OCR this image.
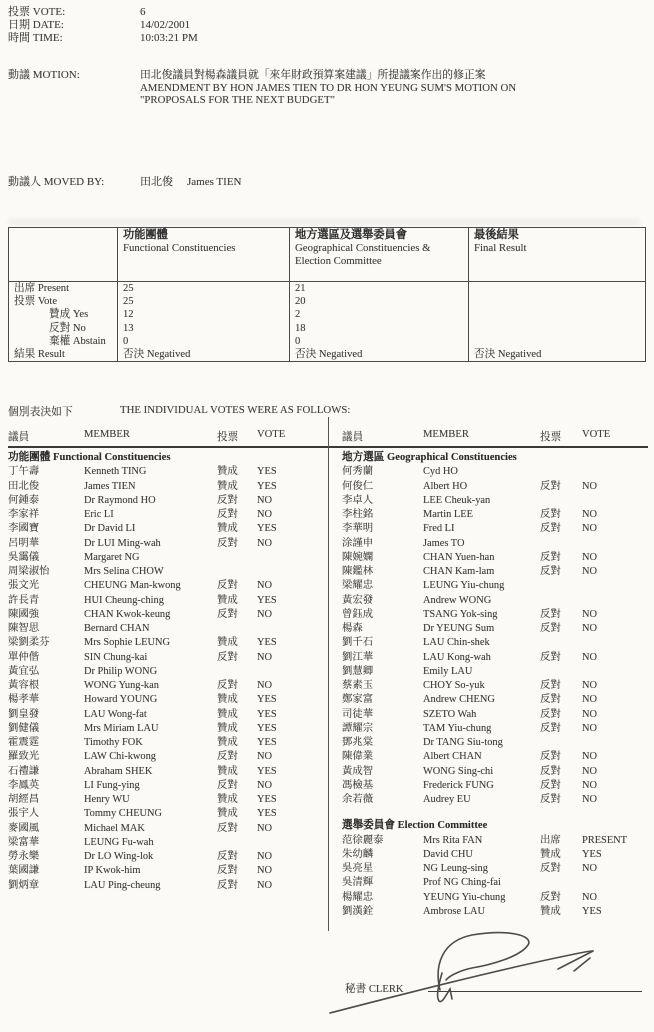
投票 VOTE:	6
日期 DATE:	14/02/2001
時間 TIME:	10:03:21 PM
動議 MOTION:	田北俊議員對楊森議員就「來年財政預算案建議」所提議案作出的修正案
AMENDMENT BY HON JAMES TIEN TO DR HON YEUNG SUM'S MOTION ON
"PROPOSALS FOR THE NEXT BUDGET"
動議人 MOVED BY:	田北俊 James TIEN

功能團體
Functional Constituencies

地方選區及選舉委員會
Geographical Constituencies & Election Committee

最後結果
Final Result

出席 Present	25	21	
投票 Vote	25	20	
贊成 Yes	12	2	
反對 No	13	18	
棄權 Abstain	0	0	
結果 Result	否決 Negatived	否決 Negatived	否決 Negatived
個別表決如下	THE INDIVIDUAL VOTES WERE AS FOLLOWS:
議員	MEMBER	投票 VOTE	議員	MEMBER	投票 VOTE
功能團體 Functional Constituencies
丁午壽	Kenneth TING	贊成	YES
田北俊	James TIEN	贊成	YES
何鍾泰	Dr Raymond HO	反對	NO
李家祥	Eric LI	反對	NO
李國寶	Dr David LI	贊成	YES
呂明華	Dr LUI Ming-wah	反對	NO
吳靄儀	Margaret NG
周梁淑怡	Mrs Selina CHOW
張文光	CHEUNG Man-kwong	反對	NO
許長青	HUI Cheung-ching	贊成	YES
陳國強	CHAN Kwok-keung	反對	NO
陳智思	Bernard CHAN
梁劉柔芬	Mrs Sophie LEUNG	贊成	YES
單仲偕	SIN Chung-kai	反對	NO
黃宜弘	Dr Philip WONG
黃容根	WONG Yung-kan	反對	NO
楊孝華	Howard YOUNG	贊成	YES
劉皇發	LAU Wong-fat	贊成	YES
劉健儀	Mrs Miriam LAU	贊成	YES
霍震霆	Timothy FOK	贊成	YES
羅致光	LAW Chi-kwong	反對	NO
石禮謙	Abraham SHEK	贊成	YES
李鳳英	LI Fung-ying	反對	NO
胡經昌	Henry WU	贊成	YES
張宇人	Tommy CHEUNG	贊成	YES
麥國風	Michael MAK	反對	NO
梁富華	LEUNG Fu-wah
勞永樂	Dr LO Wing-lok	反對	NO
葉國謙	IP Kwok-him	反對	NO
劉炳章	LAU Ping-cheung	反對	NO
地方選區 Geographical Constituencies
何秀蘭	Cyd HO
何俊仁	Albert HO	反對	NO
李卓人	LEE Cheuk-yan
李柱銘	Martin LEE	反對	NO
李華明	Fred LI	反對	NO
涂謹申	James TO
陳婉嫻	CHAN Yuen-han	反對	NO
陳鑑林	CHAN Kam-lam	反對	NO
梁耀忠	LEUNG Yiu-chung
黃宏發	Andrew WONG
曾鈺成	TSANG Yok-sing	反對	NO
楊森	Dr YEUNG Sum	反對	NO
劉千石	LAU Chin-shek
劉江華	LAU Kong-wah	反對	NO
劉慧卿	Emily LAU
蔡素玉	CHOY So-yuk	反對	NO
鄭家富	Andrew CHENG	反對	NO
司徒華	SZETO Wah	反對	NO
譚耀宗	TAM Yiu-chung	反對	NO
鄧兆棠	Dr TANG Siu-tong
陳偉業	Albert CHAN	反對	NO
黃成智	WONG Sing-chi	反對	NO
馮檢基	Frederick FUNG	反對	NO
余若薇	Audrey EU	反對	NO
選舉委員會 Election Committee
范徐麗泰	Mrs Rita FAN	出席	PRESENT
朱幼麟	David CHU	贊成	YES
吳亮星	NG Leung-sing	反對	NO
吳清輝	Prof NG Ching-fai
楊耀忠	YEUNG Yiu-chung	反對	NO
劉漢銓	Ambrose LAU	贊成	YES
秘書 CLERK
